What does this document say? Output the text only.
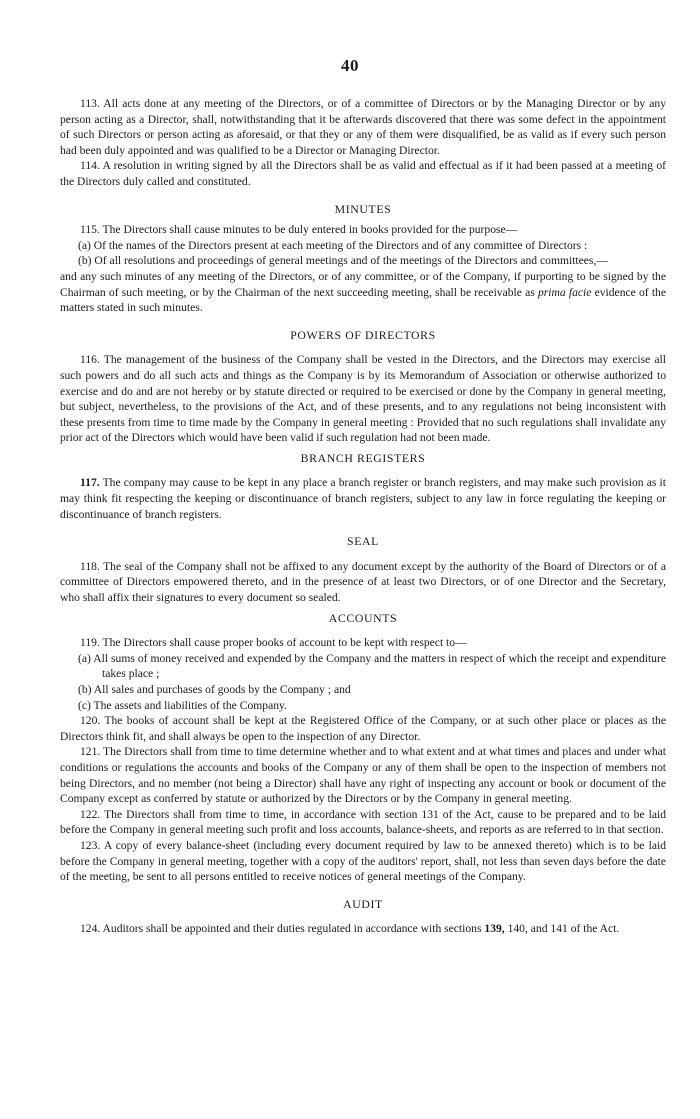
40

113. All acts done at any meeting of the Directors, or of a committee of Directors or by the Managing Director or by any person acting as a Director, shall, notwithstanding that it be afterwards discovered that there was some defect in the appointment of such Directors or person acting as aforesaid, or that they or any of them were disqualified, be as valid as if every such person had been duly appointed and was qualified to be a Director or Managing Director.

114. A resolution in writing signed by all the Directors shall be as valid and effectual as if it had been passed at a meeting of the Directors duly called and constituted.

MINUTES

115. The Directors shall cause minutes to be duly entered in books provided for the purpose—

(a) Of the names of the Directors present at each meeting of the Directors and of any committee of Directors :

(b) Of all resolutions and proceedings of general meetings and of the meetings of the Directors and committees,—

and any such minutes of any meeting of the Directors, or of any committee, or of the Company, if purporting to be signed by the Chairman of such meeting, or by the Chairman of the next succeeding meeting, shall be receivable as prima facie evidence of the matters stated in such minutes.

POWERS OF DIRECTORS

116. The management of the business of the Company shall be vested in the Directors, and the Directors may exercise all such powers and do all such acts and things as the Company is by its Memorandum of Association or otherwise authorized to exercise and do and are not hereby or by statute directed or required to be exercised or done by the Company in general meeting, but subject, nevertheless, to the provisions of the Act, and of these presents, and to any regulations not being inconsistent with these presents from time to time made by the Company in general meeting : Provided that no such regulations shall invalidate any prior act of the Directors which would have been valid if such regulation had not been made.

BRANCH REGISTERS

117. The company may cause to be kept in any place a branch register or branch registers, and may make such provision as it may think fit respecting the keeping or discontinuance of branch registers, subject to any law in force regulating the keeping or discontinuance of branch registers.

SEAL

118. The seal of the Company shall not be affixed to any document except by the authority of the Board of Directors or of a committee of Directors empowered thereto, and in the presence of at least two Directors, or of one Director and the Secretary, who shall affix their signatures to every document so sealed.

ACCOUNTS

119. The Directors shall cause proper books of account to be kept with respect to—

(a) All sums of money received and expended by the Company and the matters in respect of which the receipt and expenditure takes place ;

(b) All sales and purchases of goods by the Company ; and

(c) The assets and liabilities of the Company.

120. The books of account shall be kept at the Registered Office of the Company, or at such other place or places as the Directors think fit, and shall always be open to the inspection of any Director.

121. The Directors shall from time to time determine whether and to what extent and at what times and places and under what conditions or regulations the accounts and books of the Company or any of them shall be open to the inspection of members not being Directors, and no member (not being a Director) shall have any right of inspecting any account or book or document of the Company except as conferred by statute or authorized by the Directors or by the Company in general meeting.

122. The Directors shall from time to time, in accordance with section 131 of the Act, cause to be prepared and to be laid before the Company in general meeting such profit and loss accounts, balance-sheets, and reports as are referred to in that section.

123. A copy of every balance-sheet (including every document required by law to be annexed thereto) which is to be laid before the Company in general meeting, together with a copy of the auditors' report, shall, not less than seven days before the date of the meeting, be sent to all persons entitled to receive notices of general meetings of the Company.

AUDIT

124. Auditors shall be appointed and their duties regulated in accordance with sections 139, 140, and 141 of the Act.
